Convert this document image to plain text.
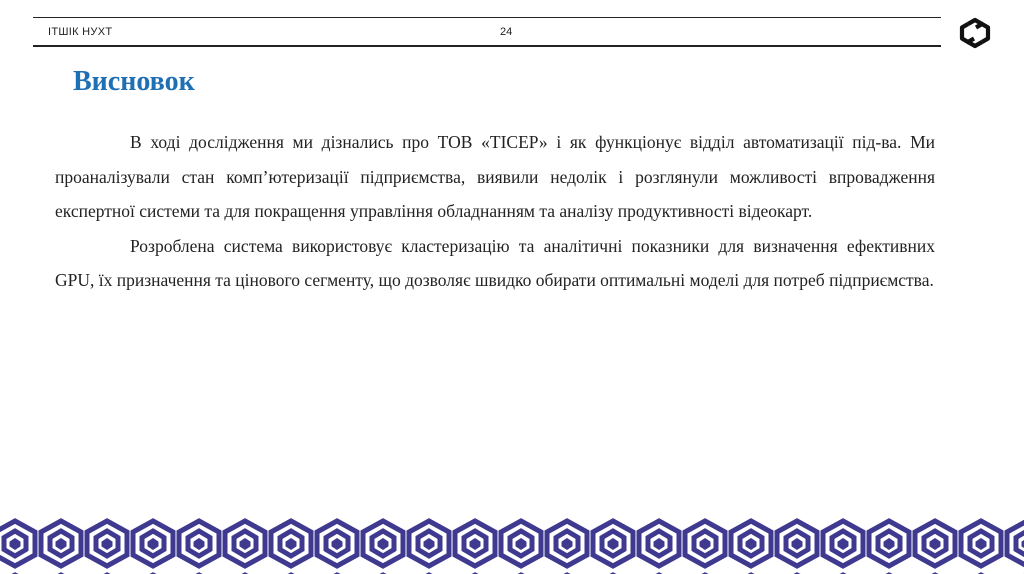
ІТШІК НУХТ	24
Висновок

В ході дослідження ми дізнались про ТОВ «ТІСЕР» і як функціонує відділ автоматизації під-ва. Ми проаналізували стан комп’ютеризації підприємства, виявили недолік і розглянули можливості впровадження експертної системи та для покращення управління обладнанням та аналізу продуктивності відеокарт.

Розроблена система використовує кластеризацію та аналітичні показники для визначення ефективних GPU, їх призначення та цінового сегменту, що дозволяє швидко обирати оптимальні моделі для потреб підприємства.
